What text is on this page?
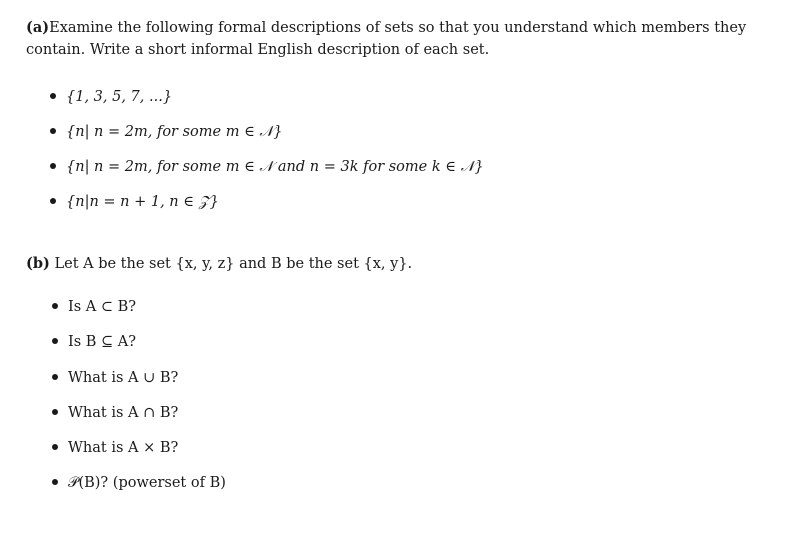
(a)Examine the following formal descriptions of sets so that you understand which members they
contain. Write a short informal English description of each set.
{1, 3, 5, 7, ...}
{n| n = 2m, for some m ∈ 𝒩}
{n| n = 2m, for some m ∈ 𝒩 and n = 3k for some k ∈ 𝒩}
{n|n = n + 1, n ∈ 𝒵}
(b) Let A be the set {x, y, z} and B be the set {x, y}.
Is A ⊂ B?
Is B ⊆ A?
What is A ∪ B?
What is A ∩ B?
What is A × B?
𝒫(B)? (powerset of B)
